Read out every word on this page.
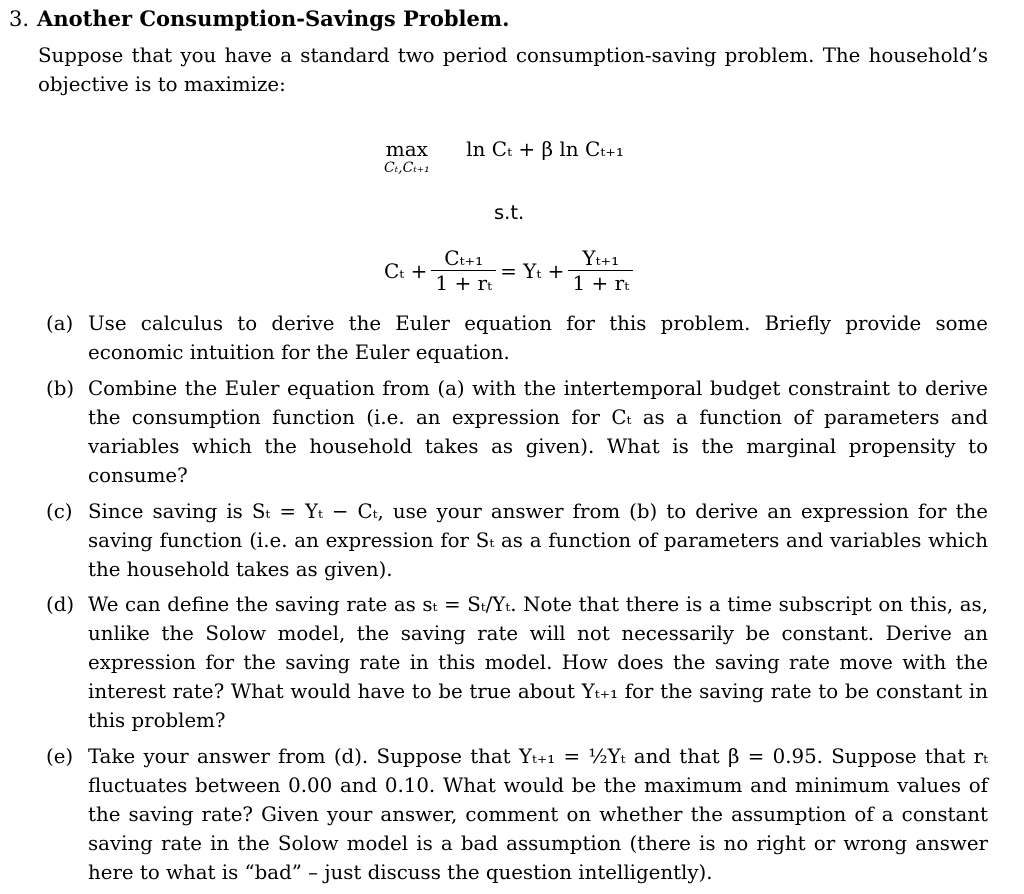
3. Another Consumption-Savings Problem.
Suppose that you have a standard two period consumption-saving problem. The household’s objective is to maximize:
max
Cₜ,Cₜ₊₁
ln Cₜ + β ln Cₜ₊₁
s.t.
$C_t + \frac{\text{Cₜ₊₁}}{\text{1 + rₜ}} = Y_t + \frac{\text{Yₜ₊₁}}{\text{1 + rₜ}}$
(a) Use calculus to derive the Euler equation for this problem. Briefly provide some economic intuition for the Euler equation.
(b) Combine the Euler equation from (a) with the intertemporal budget constraint to derive the consumption function (i.e. an expression for Cₜ as a function of parameters and variables which the household takes as given). What is the marginal propensity to consume?
(c) Since saving is Sₜ = Yₜ − Cₜ, use your answer from (b) to derive an expression for the saving function (i.e. an expression for Sₜ as a function of parameters and variables which the household takes as given).
(d) We can define the saving rate as sₜ = Sₜ/Yₜ. Note that there is a time subscript on this, as, unlike the Solow model, the saving rate will not necessarily be constant. Derive an expression for the saving rate in this model. How does the saving rate move with the interest rate? What would have to be true about Yₜ₊₁ for the saving rate to be constant in this problem?
(e) Take your answer from (d). Suppose that Yₜ₊₁ = ½Yₜ and that β = 0.95. Suppose that rₜ fluctuates between 0.00 and 0.10. What would be the maximum and minimum values of the saving rate? Given your answer, comment on whether the assumption of a constant saving rate in the Solow model is a bad assumption (there is no right or wrong answer here to what is “bad” – just discuss the question intelligently).
